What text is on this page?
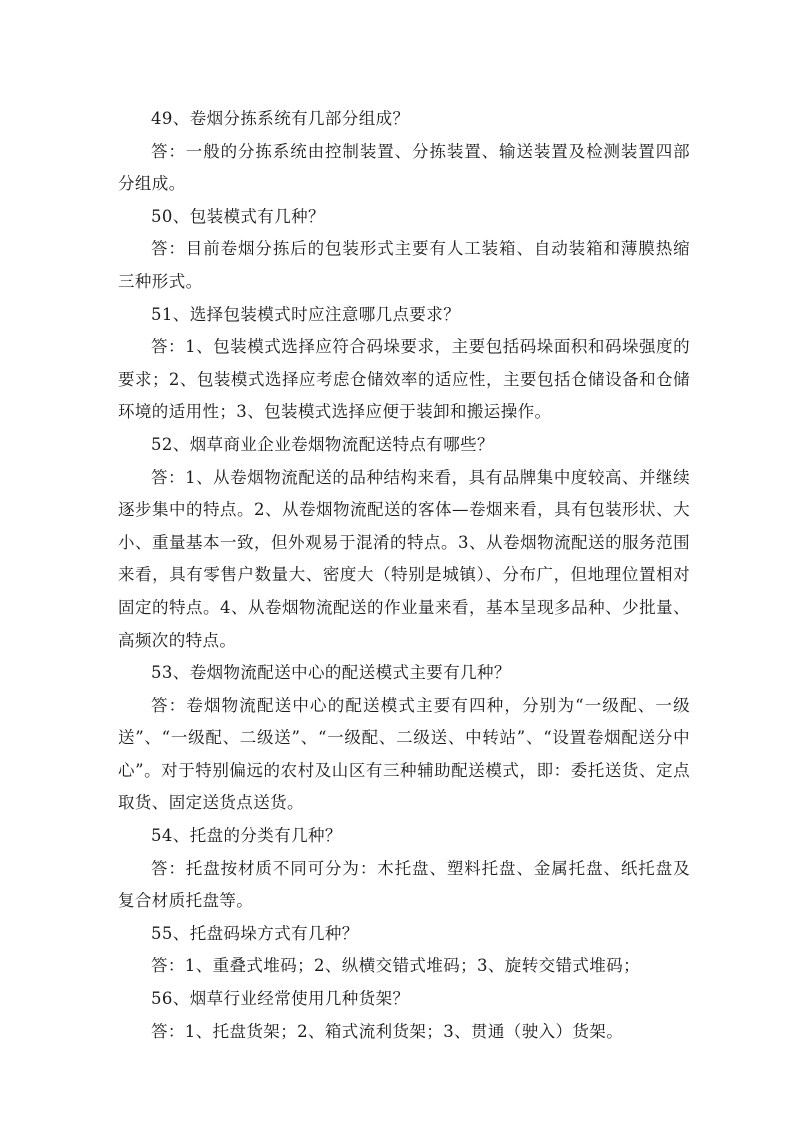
49、卷烟分拣系统有几部分组成？

答：一般的分拣系统由控制装置、分拣装置、输送装置及检测装置四部分组成。

50、包装模式有几种？

答：目前卷烟分拣后的包装形式主要有人工装箱、自动装箱和薄膜热缩三种形式。

51、选择包装模式时应注意哪几点要求？

答：1、包装模式选择应符合码垛要求，主要包括码垛面积和码垛强度的要求；2、包装模式选择应考虑仓储效率的适应性，主要包括仓储设备和仓储环境的适用性；3、包装模式选择应便于装卸和搬运操作。

52、烟草商业企业卷烟物流配送特点有哪些？

答：1、从卷烟物流配送的品种结构来看，具有品牌集中度较高、并继续逐步集中的特点。2、从卷烟物流配送的客体—卷烟来看，具有包装形状、大小、重量基本一致，但外观易于混淆的特点。3、从卷烟物流配送的服务范围来看，具有零售户数量大、密度大（特别是城镇）、分布广，但地理位置相对固定的特点。4、从卷烟物流配送的作业量来看，基本呈现多品种、少批量、高频次的特点。

53、卷烟物流配送中心的配送模式主要有几种？

答：卷烟物流配送中心的配送模式主要有四种，分别为“一级配、一级送”、“一级配、二级送”、“一级配、二级送、中转站”、“设置卷烟配送分中心”。对于特别偏远的农村及山区有三种辅助配送模式，即：委托送货、定点取货、固定送货点送货。

54、托盘的分类有几种？

答：托盘按材质不同可分为：木托盘、塑料托盘、金属托盘、纸托盘及复合材质托盘等。

55、托盘码垛方式有几种？

答：1、重叠式堆码；2、纵横交错式堆码；3、旋转交错式堆码；

56、烟草行业经常使用几种货架？

答：1、托盘货架；2、箱式流利货架；3、贯通（驶入）货架。
